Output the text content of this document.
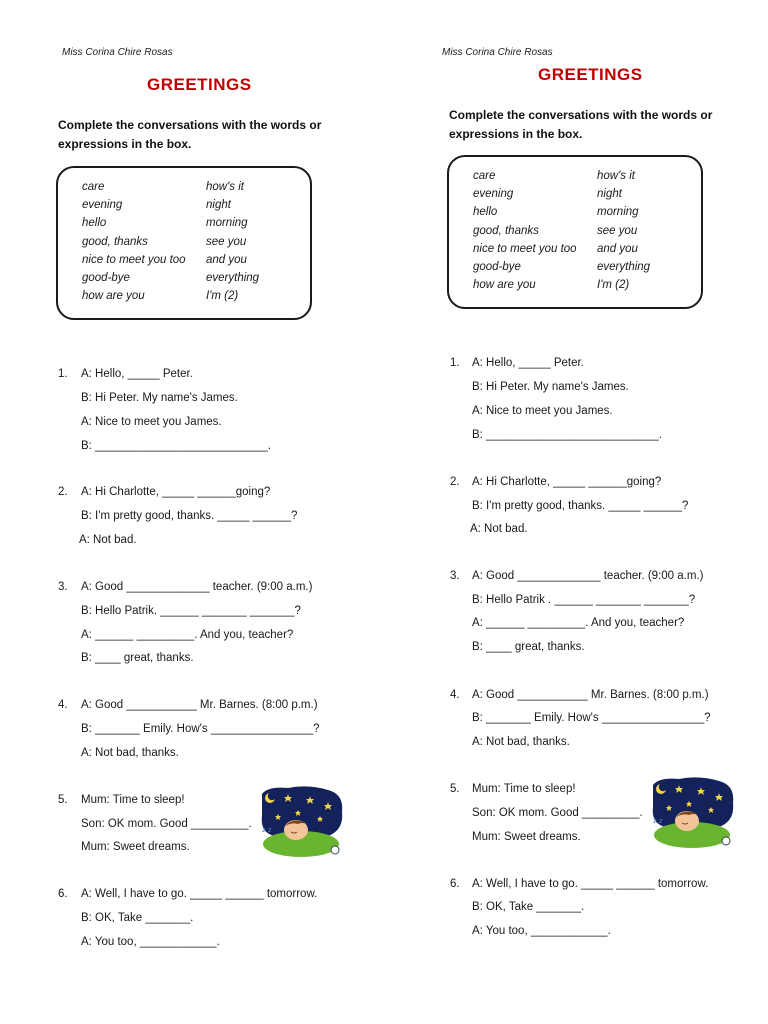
Miss Corina Chire Rosas
GREETINGS
Complete the conversations with the words or
expressions in the box.
care
evening
hello
good, thanks
nice to meet you too
good-bye
how are you
how's it
night
morning
see you
and you
everything
I'm (2)
1. A: Hello, _____ Peter.
B: Hi Peter. My name's James.
A: Nice to meet you James.
B: ___________________________.
2. A: Hi Charlotte, _____ ______going?
B: I'm pretty good, thanks. _____ ______?
A: Not bad.
3. A: Good _____________ teacher. (9:00 a.m.)
B: Hello Patrik. ______ _______ _______?
A: ______ _________. And you, teacher?
B: ____ great, thanks.
4. A: Good ___________ Mr. Barnes. (8:00 p.m.)
B: _______ Emily. How's ________________?
A: Not bad, thanks.
5. Mum: Time to sleep!
Son: OK mom. Good _________.
Mum: Sweet dreams.
z z
6. A: Well, I have to go. _____ ______ tomorrow.
B: OK, Take _______.
A: You too, ____________.
Miss Corina Chire Rosas
GREETINGS
Complete the conversations with the words or
expressions in the box.
care
evening
hello
good, thanks
nice to meet you too
good-bye
how are you
how's it
night
morning
see you
and you
everything
I'm (2)
1. A: Hello, _____ Peter.
B: Hi Peter. My name's James.
A: Nice to meet you James.
B: ___________________________.
2. A: Hi Charlotte, _____ ______going?
B: I'm pretty good, thanks. _____ ______?
A: Not bad.
3. A: Good _____________ teacher. (9:00 a.m.)
B: Hello Patrik . ______ _______ _______?
A: ______ _________. And you, teacher?
B: ____ great, thanks.
4. A: Good ___________ Mr. Barnes. (8:00 p.m.)
B: _______ Emily. How's ________________?
A: Not bad, thanks.
5. Mum: Time to sleep!
Son: OK mom. Good _________.
Mum: Sweet dreams.
z z
6. A: Well, I have to go. _____ ______ tomorrow.
B: OK, Take _______.
A: You too, ____________.
